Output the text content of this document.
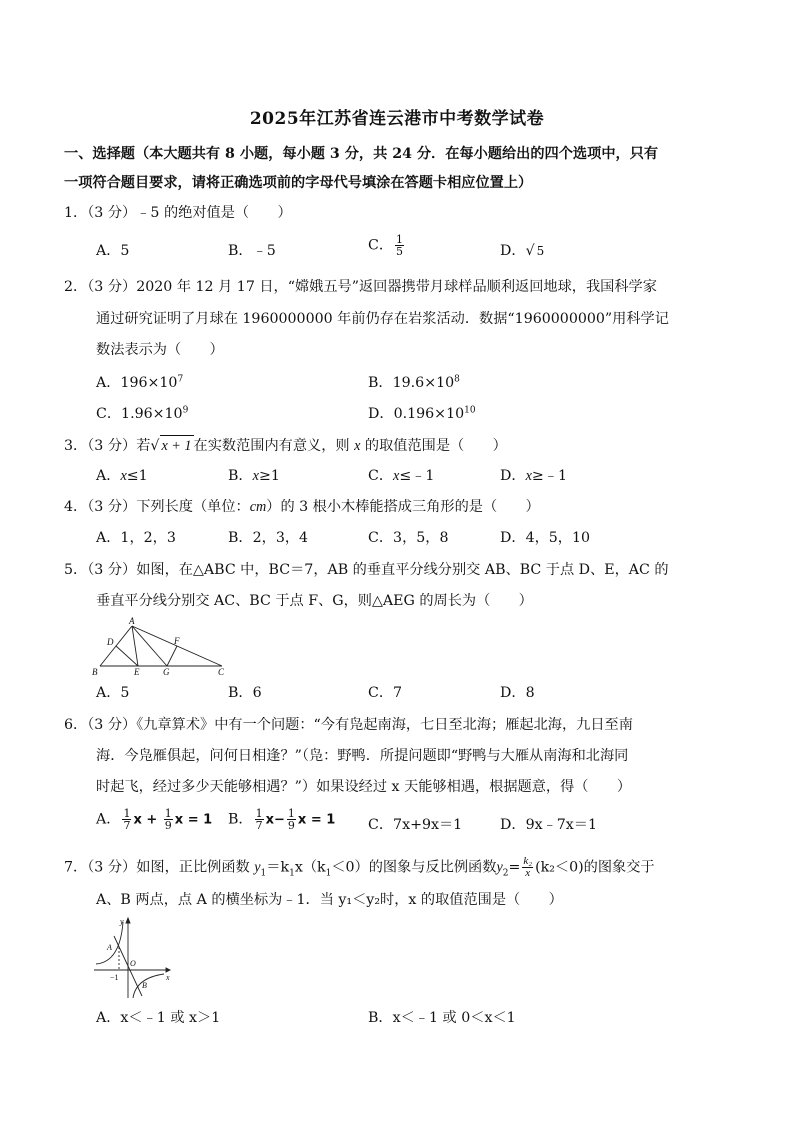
2025年江苏省连云港市中考数学试卷
一、选择题（本大题共有 8 小题，每小题 3 分，共 24 分．在每小题给出的四个选项中，只有
一项符合题目要求，请将正确选项前的字母代号填涂在答题卡相应位置上）
1．（3 分）﹣5 的绝对值是（　　）
A．5	B．﹣5	C． $\frac{1}{5}$	D．√ 5
2．（3 分）2020 年 12 月 17 日，“嫦娥五号”返回器携带月球样品顺利返回地球，我国科学家
通过研究证明了月球在 1960000000 年前仍存在岩浆活动．数据“1960000000”用科学记
数法表示为（　　）
A．$196\times 10^7$	B．$19.6\times 10^8$
C．$1.96\times 10^9$	D．$0.196\times 10^{10}$
3．（3 分）若√ x + 1 在实数范围内有意义，则 x 的取值范围是（　　）
A．x≤1	B．x≥1	C．x≤﹣1	D．x≥﹣1
4．（3 分）下列长度（单位：cm）的 3 根小木棒能搭成三角形的是（　　）
A．1，2，3	B．2，3，4	C．3，5，8	D．4，5，10
5．（3 分）如图，在△ABC 中，BC＝7，AB 的垂直平分线分别交 AB、BC 于点 D、E，AC 的
垂直平分线分别交 AC、BC 于点 F、G，则△AEG 的周长为（　　）
A
D	F
B	E	G	C
A．5	B．6	C．7	D．8
6．（3 分）《九章算术》中有一个问题：“今有凫起南海，七日至北海；雁起北海，九日至南
海．今凫雁俱起，问何日相逢？”（凫：野鸭．所提问题即“野鸭与大雁从南海和北海同
时起飞，经过多少天能够相遇？”）如果设经过 x 天能够相遇，根据题意，得（　　）
A． $\frac{1}{7}$ $x + \frac{1}{9}$ x = 1 B． $\frac{1}{7} x- \frac{1}{9}$ x = 1 C．7x+9x＝1	D．9x﹣7x＝1
7．（3 分）如图，正比例函数 $y_1=k_1x(k_1<0)$的图象与反比例函数$y_2= \frac{\text{k₂}}{x} (k_2<0)$的图象交于
A、B 两点，点 A 的横坐标为﹣1．当 y₁＜y₂时，x 的取值范围是（　　）
y
A
O
−1
B
x
A．x＜﹣1 或 x＞1	B．x＜﹣1 或 0＜x＜1
